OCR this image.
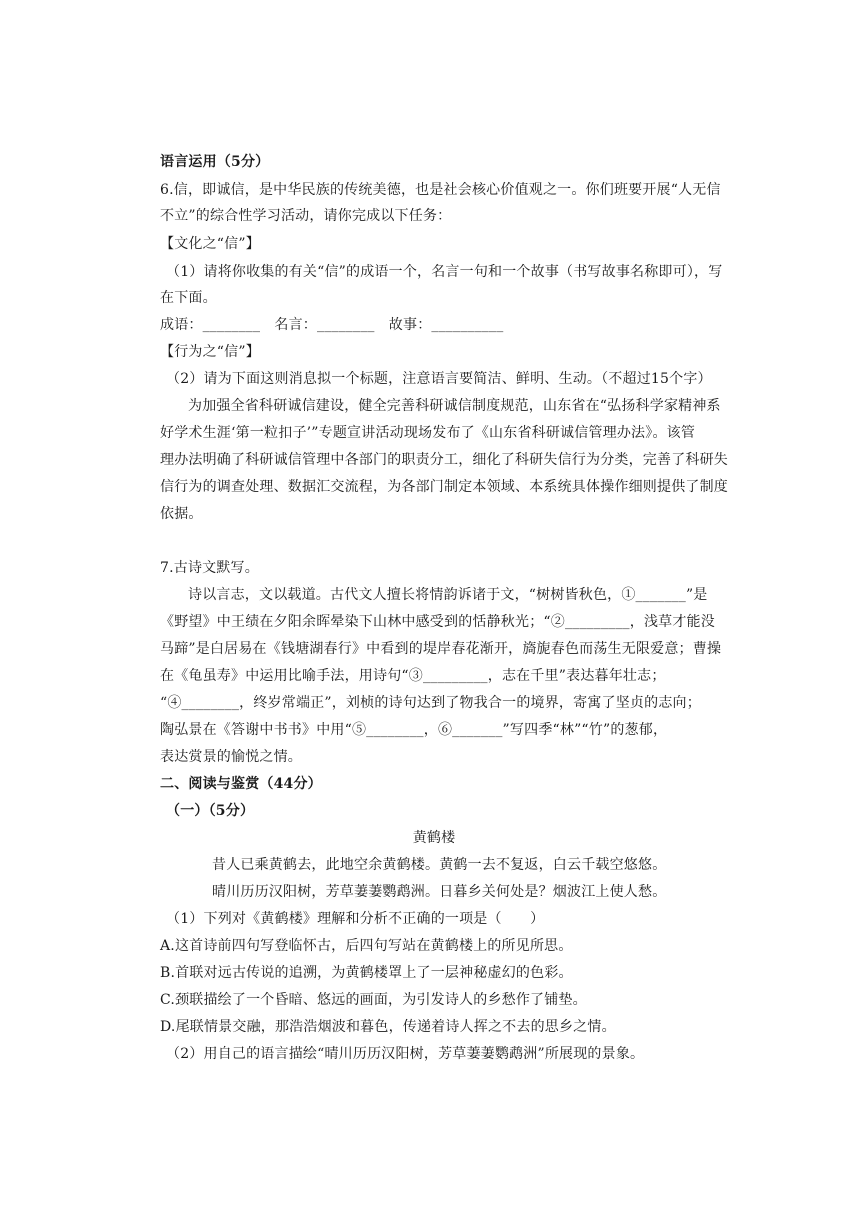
语言运用（5分）
6.信，即诚信，是中华民族的传统美德，也是社会核心价值观之一。你们班要开展“人无信
不立”的综合性学习活动，请你完成以下任务：
【文化之“信”】
（1）请将你收集的有关“信”的成语一个，名言一句和一个故事（书写故事名称即可），写
在下面。
成语：________　名言：________　故事：__________
【行为之“信”】
（2）请为下面这则消息拟一个标题，注意语言要简洁、鲜明、生动。（不超过15个字）
为加强全省科研诚信建设，健全完善科研诚信制度规范，山东省在“弘扬科学家精神系
好学术生涯‘第一粒扣子’”专题宣讲活动现场发布了《山东省科研诚信管理办法》。该管
理办法明确了科研诚信管理中各部门的职责分工，细化了科研失信行为分类，完善了科研失
信行为的调查处理、数据汇交流程，为各部门制定本领域、本系统具体操作细则提供了制度
依据。
7.古诗文默写。
诗以言志，文以载道。古代文人擅长将情韵诉诸于文，“树树皆秋色，①_______”是
《野望》中王绩在夕阳余晖晕染下山林中感受到的恬静秋光；“②_________，浅草才能没
马蹄”是白居易在《钱塘湖春行》中看到的堤岸春花渐开，旖旎春色而荡生无限爱意；曹操
在《龟虽寿》中运用比喻手法，用诗句“③_________，志在千里”表达暮年壮志；
“④________，终岁常端正”，刘桢的诗句达到了物我合一的境界，寄寓了坚贞的志向；
陶弘景在《答谢中书书》中用“⑤________，⑥_______”写四季“林”“竹”的葱郁，
表达赏景的愉悦之情。
二、阅读与鉴赏（44分）
（一）（5分）
黄鹤楼
昔人已乘黄鹤去，此地空余黄鹤楼。黄鹤一去不复返，白云千载空悠悠。
晴川历历汉阳树，芳草萋萋鹦鹉洲。日暮乡关何处是？烟波江上使人愁。
（1）下列对《黄鹤楼》理解和分析不正确的一项是（　　）
A.这首诗前四句写登临怀古，后四句写站在黄鹤楼上的所见所思。
B.首联对远古传说的追溯，为黄鹤楼罩上了一层神秘虚幻的色彩。
C.颈联描绘了一个昏暗、悠远的画面，为引发诗人的乡愁作了铺垫。
D.尾联情景交融，那浩浩烟波和暮色，传递着诗人挥之不去的思乡之情。
（2）用自己的语言描绘“晴川历历汉阳树，芳草萋萋鹦鹉洲”所展现的景象。
